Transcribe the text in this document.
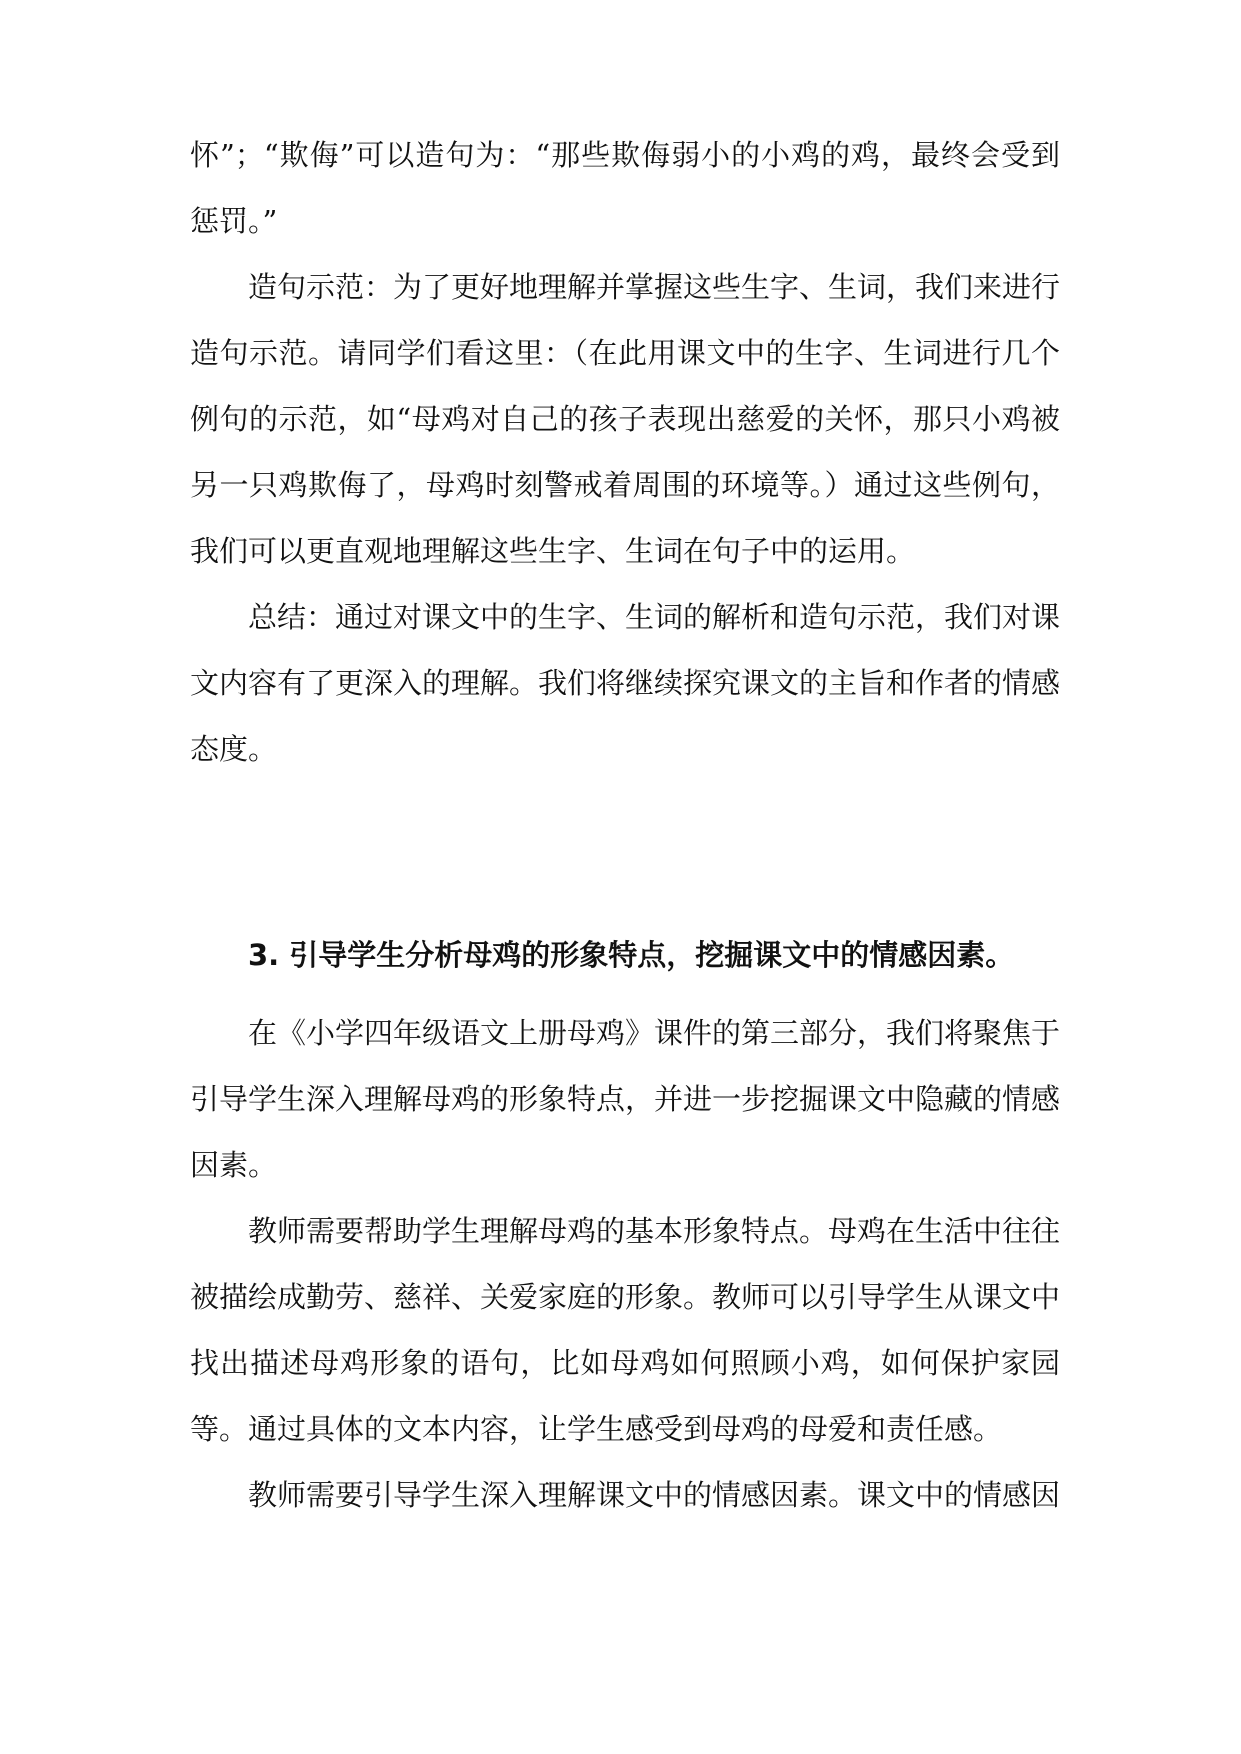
怀”；“欺侮”可以造句为：“那些欺侮弱小的小鸡的鸡，最终会受到惩罚。”

造句示范：为了更好地理解并掌握这些生字、生词，我们来进行造句示范。请同学们看这里：（在此用课文中的生字、生词进行几个例句的示范，如“母鸡对自己的孩子表现出慈爱的关怀，那只小鸡被另一只鸡欺侮了，母鸡时刻警戒着周围的环境等。）通过这些例句，我们可以更直观地理解这些生字、生词在句子中的运用。

总结：通过对课文中的生字、生词的解析和造句示范，我们对课文内容有了更深入的理解。我们将继续探究课文的主旨和作者的情感态度。

3. 引导学生分析母鸡的形象特点，挖掘课文中的情感因素。

在《小学四年级语文上册母鸡》课件的第三部分，我们将聚焦于引导学生深入理解母鸡的形象特点，并进一步挖掘课文中隐藏的情感因素。

教师需要帮助学生理解母鸡的基本形象特点。母鸡在生活中往往被描绘成勤劳、慈祥、关爱家庭的形象。教师可以引导学生从课文中找出描述母鸡形象的语句，比如母鸡如何照顾小鸡，如何保护家园等。通过具体的文本内容，让学生感受到母鸡的母爱和责任感。

教师需要引导学生深入理解课文中的情感因素。课文中的情感因
